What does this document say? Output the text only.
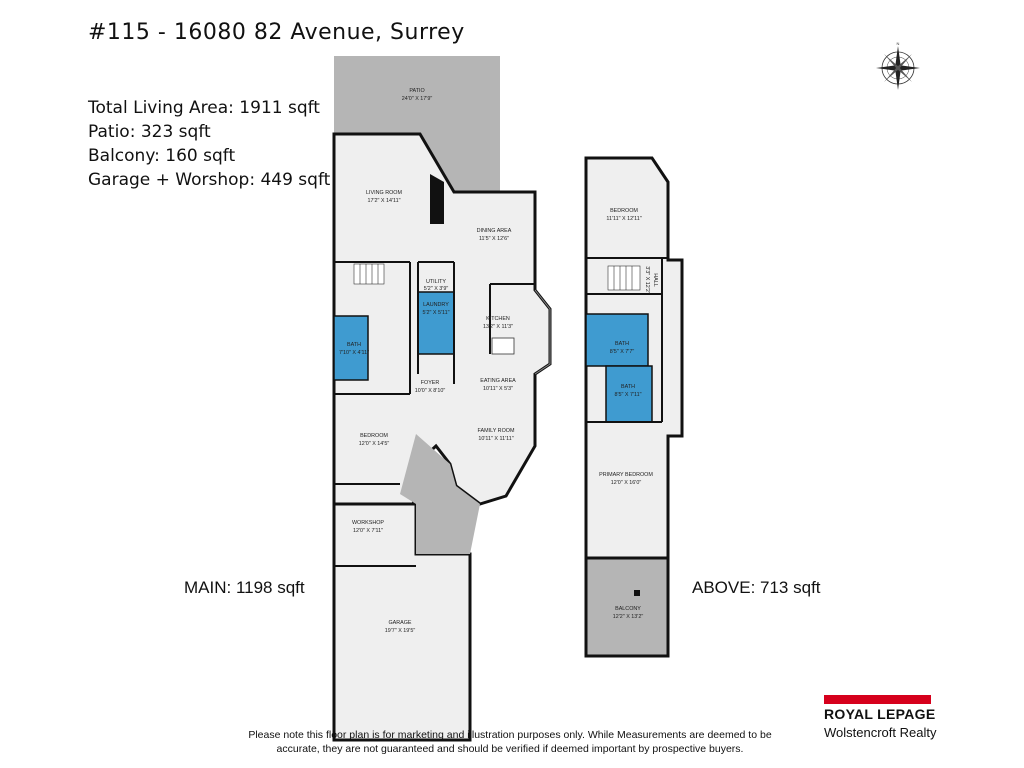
#115 - 16080 82 Avenue, Surrey
Total Living Area: 1911 sqft
Patio: 323 sqft
Balcony: 160 sqft
Garage + Worshop: 449 sqft
N
PATIO
24'0" X 17'9"
LIVING ROOM
17'2" X 14'11"
DINING AREA
11'5" X 12'6"
UTILITY
5'2" X 3'9"
LAUNDRY
5'2" X 5'11"
KITCHEN
13'2" X 11'3"
BATH
7'10" X 4'11"
FOYER
10'0" X 8'10"
EATING AREA
10'11" X 5'3"
BEDROOM
12'0" X 14'5"
FAMILY ROOM
10'11" X 11'11"
WORKSHOP
12'0" X 7'11"
GARAGE
19'7" X 19'5"
BEDROOM
11'11" X 12'11"
HALL
3'3" X 12'2"
BATH
8'5" X 7'7"
BATH
8'5" X 7'11"
PRIMARY BEDROOM
12'0" X 16'0"
BALCONY
12'2" X 13'2"
MAIN: 1198 sqft	ABOVE: 713 sqft
Please note this floor plan is for marketing and illustration purposes only. While Measurements are deemed to be
accurate, they are not guaranteed and should be verified if deemed important by prospective buyers.
ROYAL LEPAGE
Wolstencroft Realty
